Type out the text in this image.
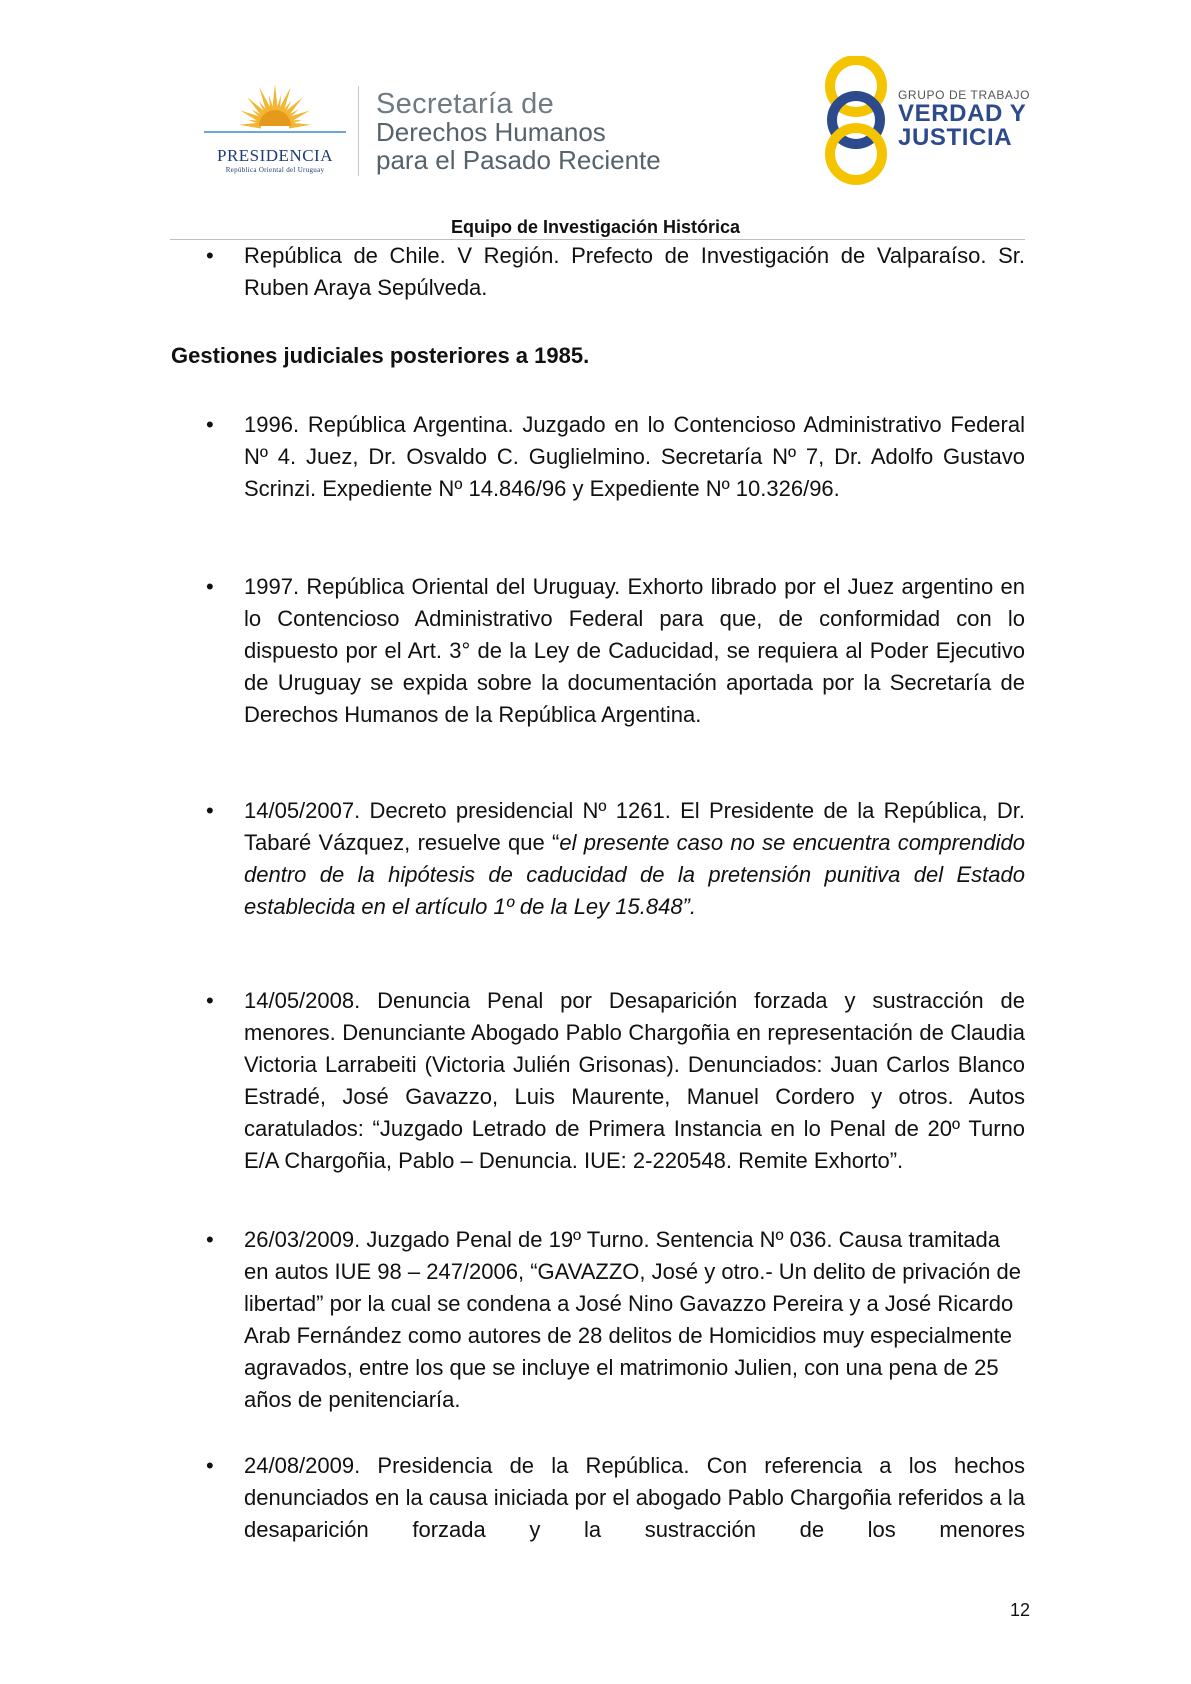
PRESIDENCIA
República Oriental del Uruguay
Secretaría de
Derechos Humanos
para el Pasado Reciente
GRUPO DE TRABAJO
VERDAD Y
JUSTICIA
Equipo de Investigación Histórica
• República de Chile. V Región. Prefecto de Investigación de Valparaíso. Sr. Ruben Araya Sepúlveda.
Gestiones judiciales posteriores a 1985.
• 1996. República Argentina. Juzgado en lo Contencioso Administrativo Federal Nº 4. Juez, Dr. Osvaldo C. Guglielmino. Secretaría Nº 7, Dr. Adolfo Gustavo Scrinzi. Expediente Nº 14.846/96 y Expediente Nº 10.326/96.
• 1997. República Oriental del Uruguay. Exhorto librado por el Juez argentino en lo Contencioso Administrativo Federal para que, de conformidad con lo dispuesto por el Art. 3° de la Ley de Caducidad, se requiera al Poder Ejecutivo de Uruguay se expida sobre la documentación aportada por la Secretaría de Derechos Humanos de la República Argentina.
• 14/05/2007. Decreto presidencial Nº 1261. El Presidente de la República, Dr. Tabaré Vázquez, resuelve que “el presente caso no se encuentra comprendido dentro de la hipótesis de caducidad de la pretensión punitiva del Estado establecida en el artículo 1º de la Ley 15.848”.
• 14/05/2008. Denuncia Penal por Desaparición forzada y sustracción de menores. Denunciante Abogado Pablo Chargoñia en representación de Claudia Victoria Larrabeiti (Victoria Julién Grisonas). Denunciados: Juan Carlos Blanco Estradé, José Gavazzo, Luis Maurente, Manuel Cordero y otros. Autos caratulados: “Juzgado Letrado de Primera Instancia en lo Penal de 20º Turno E/A Chargoñia, Pablo – Denuncia. IUE: 2-220548. Remite Exhorto”.
• 26/03/2009. Juzgado Penal de 19º Turno. Sentencia Nº 036. Causa tramitada en autos IUE 98 – 247/2006, “GAVAZZO, José y otro.- Un delito de privación de libertad” por la cual se condena a José Nino Gavazzo Pereira y a José Ricardo Arab Fernández como autores de 28 delitos de Homicidios muy especialmente agravados, entre los que se incluye el matrimonio Julien, con una pena de 25 años de penitenciaría.
• 24/08/2009. Presidencia de la República. Con referencia a los hechos denunciados en la causa iniciada por el abogado Pablo Chargoñia referidos a la desaparición forzada y la sustracción de los menores
12
